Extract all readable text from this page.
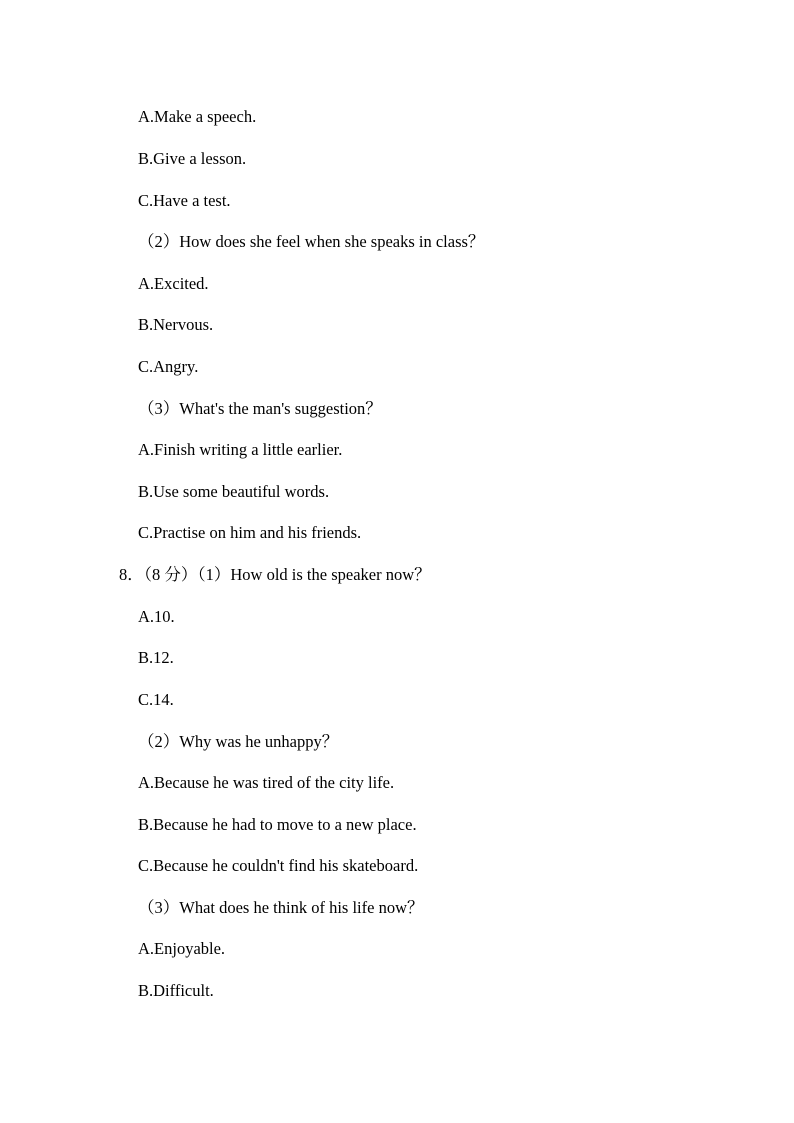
A.Make a speech.
B.Give a lesson.
C.Have a test.
（2）How does she feel when she speaks in class？
A.Excited.
B.Nervous.
C.Angry.
（3）What's the man's suggestion？
A.Finish writing a little earlier.
B.Use some beautiful words.
C.Practise on him and his friends.
8．（8 分）（1）How old is the speaker now？
A.10.
B.12.
C.14.
（2）Why was he unhappy？
A.Because he was tired of the city life.
B.Because he had to move to a new place.
C.Because he couldn't find his skateboard.
（3）What does he think of his life now？
A.Enjoyable.
B.Difficult.
